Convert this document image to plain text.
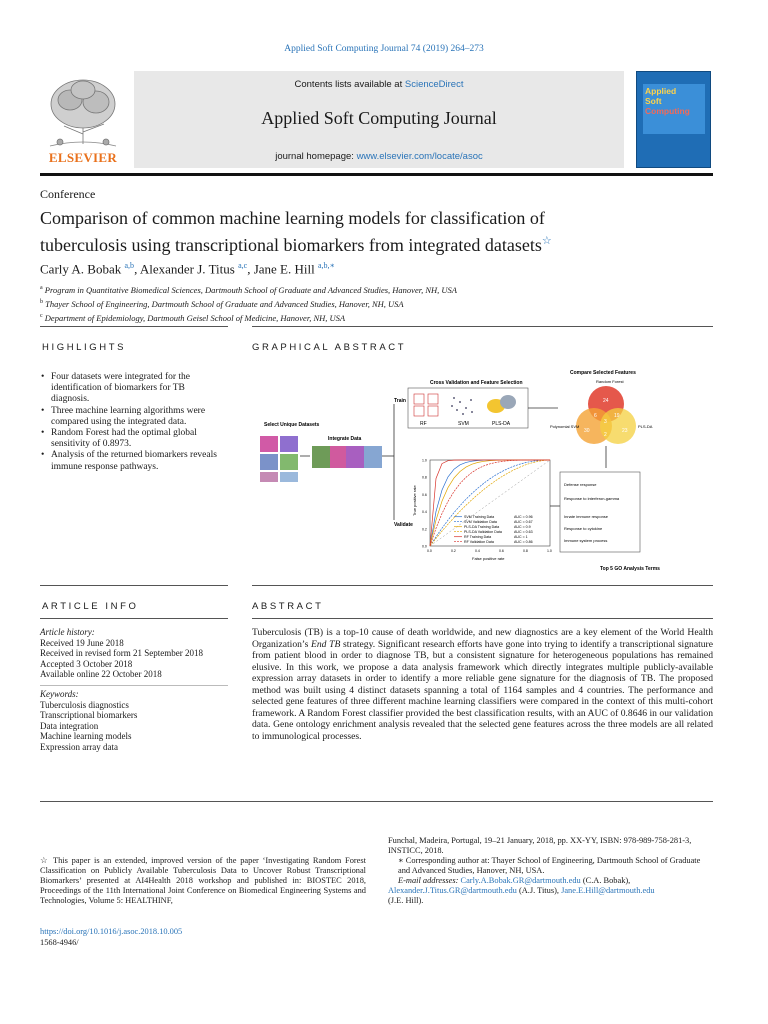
Applied Soft Computing Journal 74 (2019) 264–273
ELSEVIER
Contents lists available at ScienceDirect
Applied Soft Computing Journal
journal homepage: www.elsevier.com/locate/asoc
Applied
Soft
Computing
Conference
Comparison of common machine learning models for classification of
tuberculosis using transcriptional biomarkers from integrated datasets☆
Carly A. Bobak $^{a,b}$, Alexander J. Titus $^{a,c}$, Jane E. Hill $^{a,b,∗}$
$^a$ Program in Quantitative Biomedical Sciences, Dartmouth School of Graduate and Advanced Studies, Hanover, NH, USA
$^b$ Thayer School of Engineering, Dartmouth School of Graduate and Advanced Studies, Hanover, NH, USA
$^c$ Department of Epidemiology, Dartmouth Geisel School of Medicine, Hanover, NH, USA
HIGHLIGHTS	GRAPHICAL ABSTRACT
• Four datasets were integrated for the identification of biomarkers for TB diagnosis.
• Three machine learning algorithms were compared using the integrated data.
• Random Forest had the optimal global sensitivity of 0.8973.
• Analysis of the returned biomarkers reveals immune response pathways.
Select Unique Datasets
Integrate Data
Train
Validate
Cross Validation and Feature Selection
RF	SVM	PLS-DA
Compare Selected Features
Random Forest
24
30	23
6	19
2
3
Polynomial SVM	PLS-DA
SVM Training Data	AUC = 0.96
SVM Validation Data	AUC = 0.67
PLS-DA Training Data	AUC = 0.9
PLS-DA Validation Data	AUC = 0.63
RF Training Data	AUC = 1
RF Validation Data	AUC = 0.86
0.0
0.2
0.4
0.6
0.8
1.0
0.0	0.2	0.4	0.6	0.8	1.0
True positive rate
False positive rate
Defense response
Response to interferon-gamma
Innate immune response
Response to cytokine
Immune system process
Top 5 GO Analysis Terms
ARTICLE INFO	ABSTRACT
Article history:
Received 19 June 2018
Received in revised form 21 September 2018
Accepted 3 October 2018
Available online 22 October 2018
Keywords:
Tuberculosis diagnostics
Transcriptional biomarkers
Data integration
Machine learning models
Expression array data
Tuberculosis (TB) is a top-10 cause of death worldwide, and new diagnostics are a key element of the World Health Organization’s End TB strategy. Significant research efforts have gone into trying to identify a transcriptional signature from patient blood in order to diagnose TB, but a consistent signature for heterogeneous populations has remained elusive. In this work, we propose a data analysis framework which directly integrates multiple publicly-available expression array datasets in order to identify a more reliable gene signature for the diagnosis of TB. The proposed method was built using 4 distinct datasets spanning a total of 1164 samples and 4 countries. The performance and selected gene features of three different machine learning classifiers were compared in the context of this multi-cohort framework. A Random Forest classifier provided the best classification results, with an AUC of 0.8646 in our validation data. Gene ontology enrichment analysis revealed that the selected gene features across the three models are all related to immunological processes.
☆ This paper is an extended, improved version of the paper ‘Investigating Random Forest Classification on Publicly Available Tuberculosis Data to Uncover Robust Transcriptional Biomarkers’ presented at AI4Health 2018 workshop and published in: BIOSTEC 2018, Proceedings of the 11th International Joint Conference on Biomedical Engineering Systems and Technologies, Volume 5: HEALTHINF,
Funchal, Madeira, Portugal, 19–21 January, 2018, pp. XX-YY, ISBN: 978-989-758-281-3, INSTICC, 2018.
∗ Corresponding author at: Thayer School of Engineering, Dartmouth School of Graduate and Advanced Studies, Hanover, NH, USA.
E-mail addresses: Carly.A.Bobak.GR@dartmouth.edu (C.A. Bobak),
Alexander.J.Titus.GR@dartmouth.edu (A.J. Titus), Jane.E.Hill@dartmouth.edu
(J.E. Hill).
https://doi.org/10.1016/j.asoc.2018.10.005
1568-4946/
